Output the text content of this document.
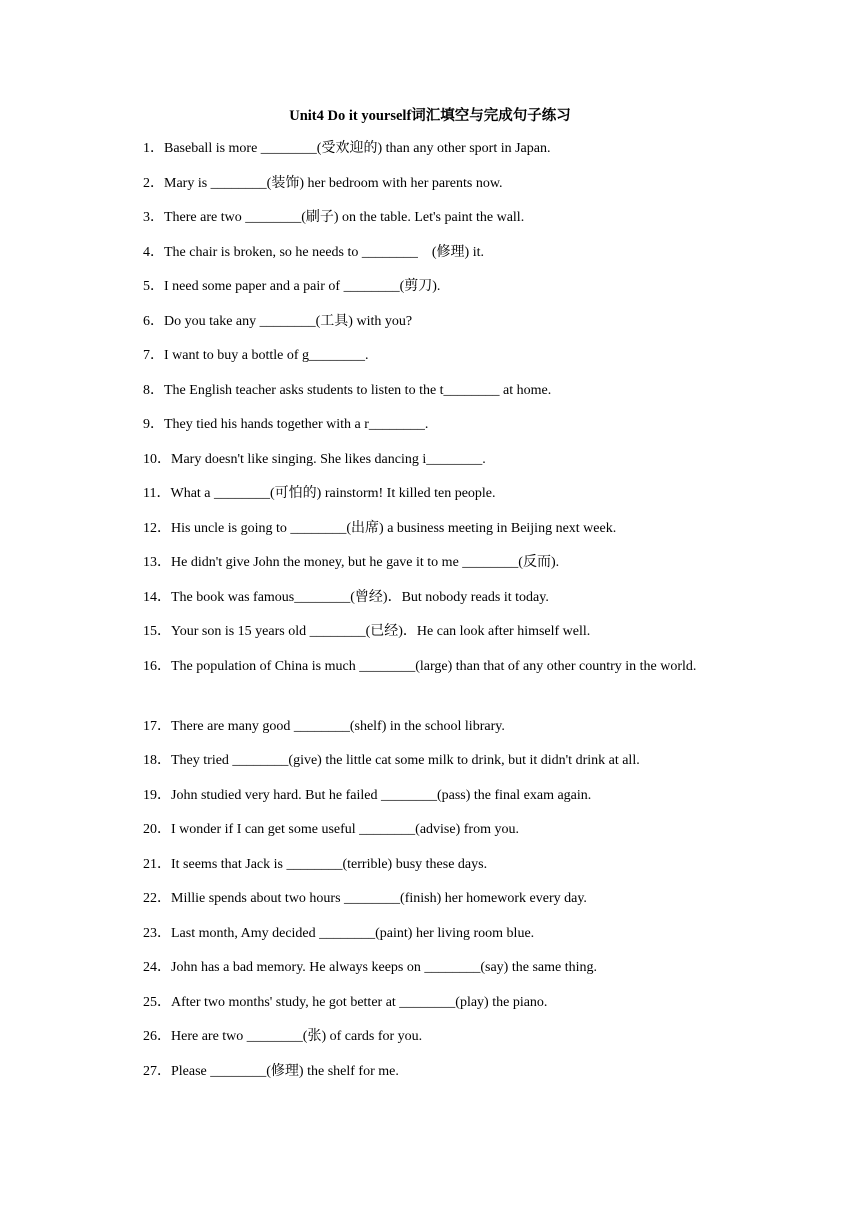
Unit4 Do it yourself词汇填空与完成句子练习
1．Baseball is more ________(受欢迎的) than any other sport in Japan.
2．Mary is ________(装饰) her bedroom with her parents now.
3．There are two ________(刷子) on the table. Let's paint the wall.
4．The chair is broken, so he needs to ________　(修理) it.
5．I need some paper and a pair of ________(剪刀).
6．Do you take any ________(工具) with you?
7．I want to buy a bottle of g________.
8．The English teacher asks students to listen to the t________ at home.
9．They tied his hands together with a r________.
10．Mary doesn't like singing. She likes dancing i________.
11．What a ________(可怕的) rainstorm! It killed ten people.
12．His uncle is going to ________(出席) a business meeting in Beijing next week.
13．He didn't give John the money, but he gave it to me ________(反而).
14．The book was famous________(曾经)．But nobody reads it today.
15．Your son is 15 years old ________(已经)．He can look after himself well.
16．The population of China is much ________(large) than that of any other country in the world.
17．There are many good ________(shelf) in the school library.
18．They tried ________(give) the little cat some milk to drink, but it didn't drink at all.
19．John studied very hard. But he failed ________(pass) the final exam again.
20．I wonder if I can get some useful ________(advise) from you.
21．It seems that Jack is ________(terrible) busy these days.
22．Millie spends about two hours ________(finish) her homework every day.
23．Last month, Amy decided ________(paint) her living room blue.
24．John has a bad memory. He always keeps on ________(say) the same thing.
25．After two months' study, he got better at ________(play) the piano.
26．Here are two ________(张) of cards for you.
27．Please ________(修理) the shelf for me.
